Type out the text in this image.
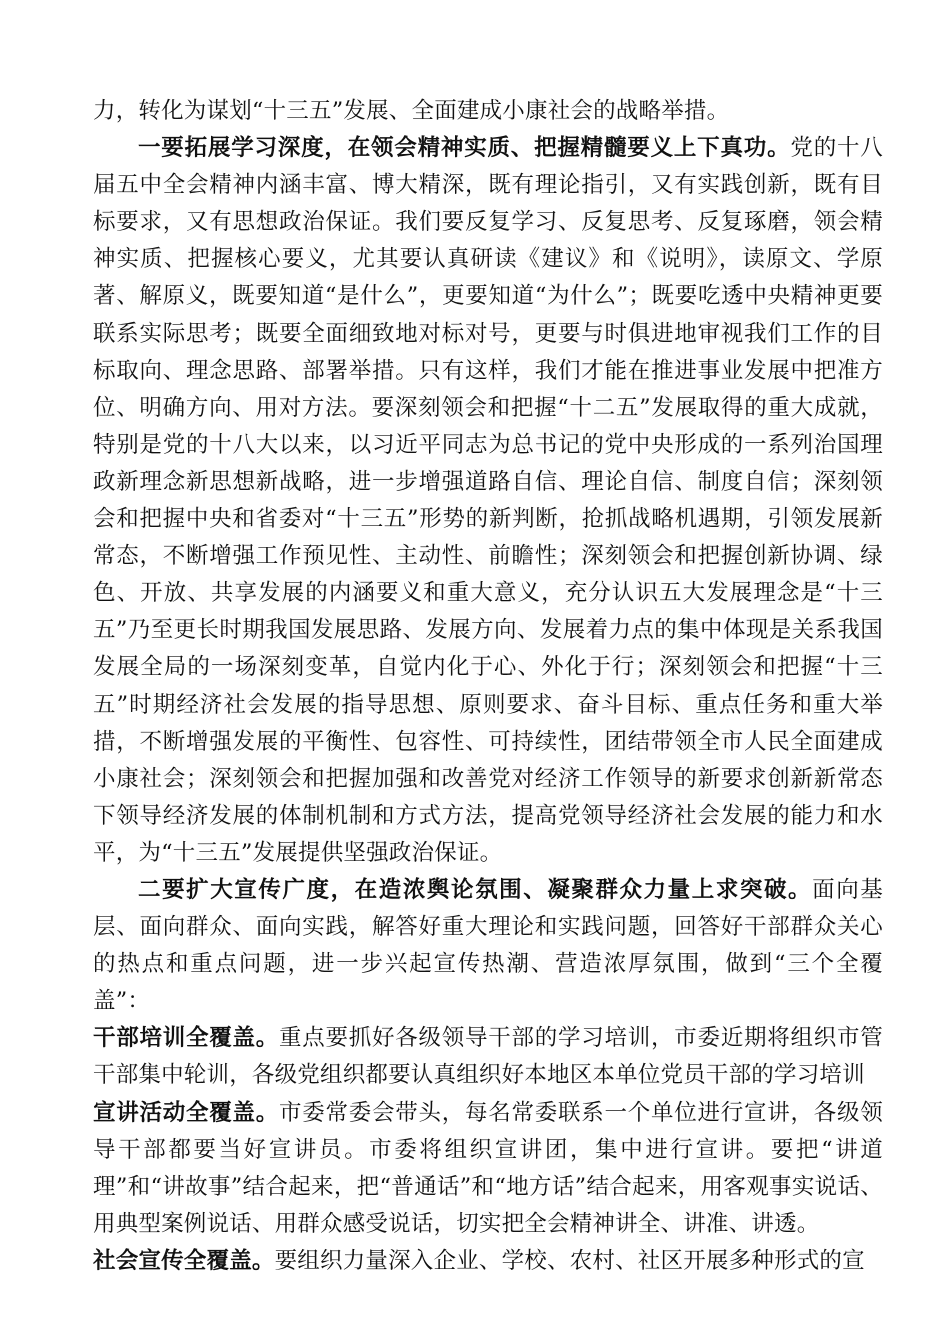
力，转化为谋划“十三五”发展、全面建成小康社会的战略举措。

一要拓展学习深度，在领会精神实质、把握精髓要义上下真功。党的十八届五中全会精神内涵丰富、博大精深，既有理论指引，又有实践创新，既有目标要求，又有思想政治保证。我们要反复学习、反复思考、反复琢磨，领会精神实质、把握核心要义，尤其要认真研读《建议》和《说明》，读原文、学原著、解原义，既要知道“是什么”，更要知道“为什么”；既要吃透中央精神更要联系实际思考；既要全面细致地对标对号，更要与时俱进地审视我们工作的目标取向、理念思路、部署举措。只有这样，我们才能在推进事业发展中把准方位、明确方向、用对方法。要深刻领会和把握“十二五”发展取得的重大成就，特别是党的十八大以来，以习近平同志为总书记的党中央形成的一系列治国理政新理念新思想新战略，进一步增强道路自信、理论自信、制度自信；深刻领会和把握中央和省委对“十三五”形势的新判断，抢抓战略机遇期，引领发展新常态，不断增强工作预见性、主动性、前瞻性；深刻领会和把握创新协调、绿色、开放、共享发展的内涵要义和重大意义，充分认识五大发展理念是“十三五”乃至更长时期我国发展思路、发展方向、发展着力点的集中体现是关系我国发展全局的一场深刻变革，自觉内化于心、外化于行；深刻领会和把握“十三五”时期经济社会发展的指导思想、原则要求、奋斗目标、重点任务和重大举措，不断增强发展的平衡性、包容性、可持续性，团结带领全市人民全面建成小康社会；深刻领会和把握加强和改善党对经济工作领导的新要求创新新常态下领导经济发展的体制机制和方式方法，提高党领导经济社会发展的能力和水平，为“十三五”发展提供坚强政治保证。

二要扩大宣传广度，在造浓舆论氛围、凝聚群众力量上求突破。面向基层、面向群众、面向实践，解答好重大理论和实践问题，回答好干部群众关心的热点和重点问题，进一步兴起宣传热潮、营造浓厚氛围，做到“三个全覆盖”：

干部培训全覆盖。重点要抓好各级领导干部的学习培训，市委近期将组织市管干部集中轮训，各级党组织都要认真组织好本地区本单位党员干部的学习培训

宣讲活动全覆盖。市委常委会带头，每名常委联系一个单位进行宣讲，各级领导干部都要当好宣讲员。市委将组织宣讲团，集中进行宣讲。要把“讲道理”和“讲故事”结合起来，把“普通话”和“地方话”结合起来，用客观事实说话、用典型案例说话、用群众感受说话，切实把全会精神讲全、讲准、讲透。

社会宣传全覆盖。要组织力量深入企业、学校、农村、社区开展多种形式的宣
